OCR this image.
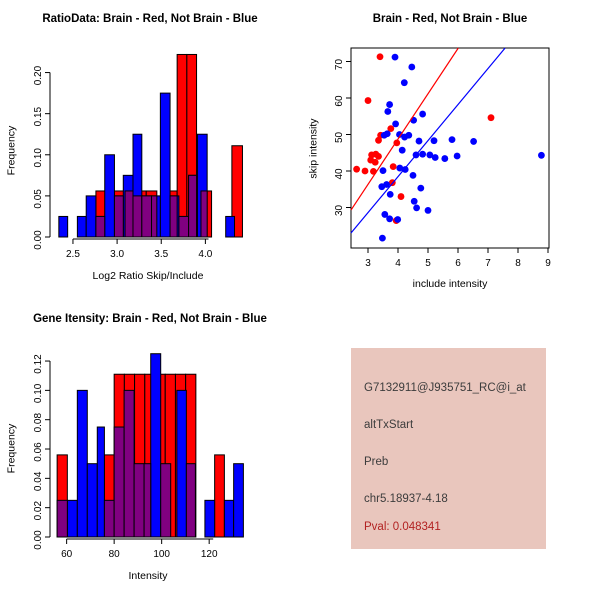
2.5	3.0	3.5	4.0
0.00
0.05
0.10
0.15
0.20
RatioData: Brain - Red, Not Brain - Blue
Log2 Ratio Skip/Include
Frequency
3 4 5 6 7 8 9
30
40
50
60
70
Brain - Red, Not Brain - Blue
include intensity
skip intensity
60	80	100	120
0.00
0.02
0.04
0.06
0.08
0.10
0.12
Gene Itensity: Brain - Red, Not Brain - Blue
Intensity
Frequency
G7132911@J935751_RC@i_at
altTxStart
Preb
chr5.18937-4.18
Pval: 0.048341
